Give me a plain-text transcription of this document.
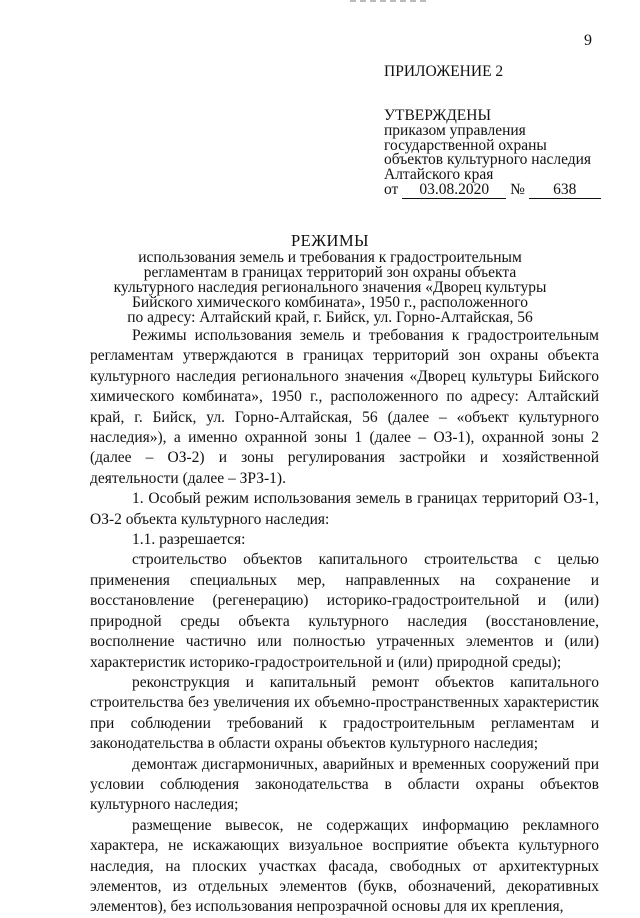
9

ПРИЛОЖЕНИЕ 2

УТВЕРЖДЕНЫ

приказом управления

государственной охраны

объектов культурного наследия

Алтайского края

от 03.08.2020 № 638

РЕЖИМЫ

использования земель и требования к градостроительным

регламентам в границах территорий зон охраны объекта

культурного наследия регионального значения «Дворец культуры

Бийского химического комбината», 1950 г., расположенного

по адресу: Алтайский край, г. Бийск, ул. Горно-Алтайская, 56

Режимы использования земель и требования к градостроительным регламентам утверждаются в границах территорий зон охраны объекта культурного наследия регионального значения «Дворец культуры Бийского химического комбината», 1950 г., расположенного по адресу: Алтайский край, г. Бийск, ул. Горно-Алтайская, 56 (далее – «объект культурного наследия»), а именно охранной зоны 1 (далее – ОЗ-1), охранной зоны 2 (далее – ОЗ-2) и зоны регулирования застройки и хозяйственной деятельности (далее – ЗРЗ-1).

1. Особый режим использования земель в границах территорий ОЗ-1, ОЗ-2 объекта культурного наследия:

1.1. разрешается:

строительство объектов капитального строительства с целью применения специальных мер, направленных на сохранение и восстановление (регенерацию) историко-градостроительной и (или) природной среды объекта культурного наследия (восстановление, восполнение частично или полностью утраченных элементов и (или) характеристик историко-градостроительной и (или) природной среды);

реконструкция и капитальный ремонт объектов капитального строительства без увеличения их объемно-пространственных характеристик при соблюдении требований к градостроительным регламентам и законодательства в области охраны объектов культурного наследия;

демонтаж дисгармоничных, аварийных и временных сооружений при условии соблюдения законодательства в области охраны объектов культурного наследия;

размещение вывесок, не содержащих информацию рекламного характера, не искажающих визуальное восприятие объекта культурного наследия, на плоских участках фасада, свободных от архитектурных элементов, из отдельных элементов (букв, обозначений, декоративных элементов), без использования непрозрачной основы для их крепления,
